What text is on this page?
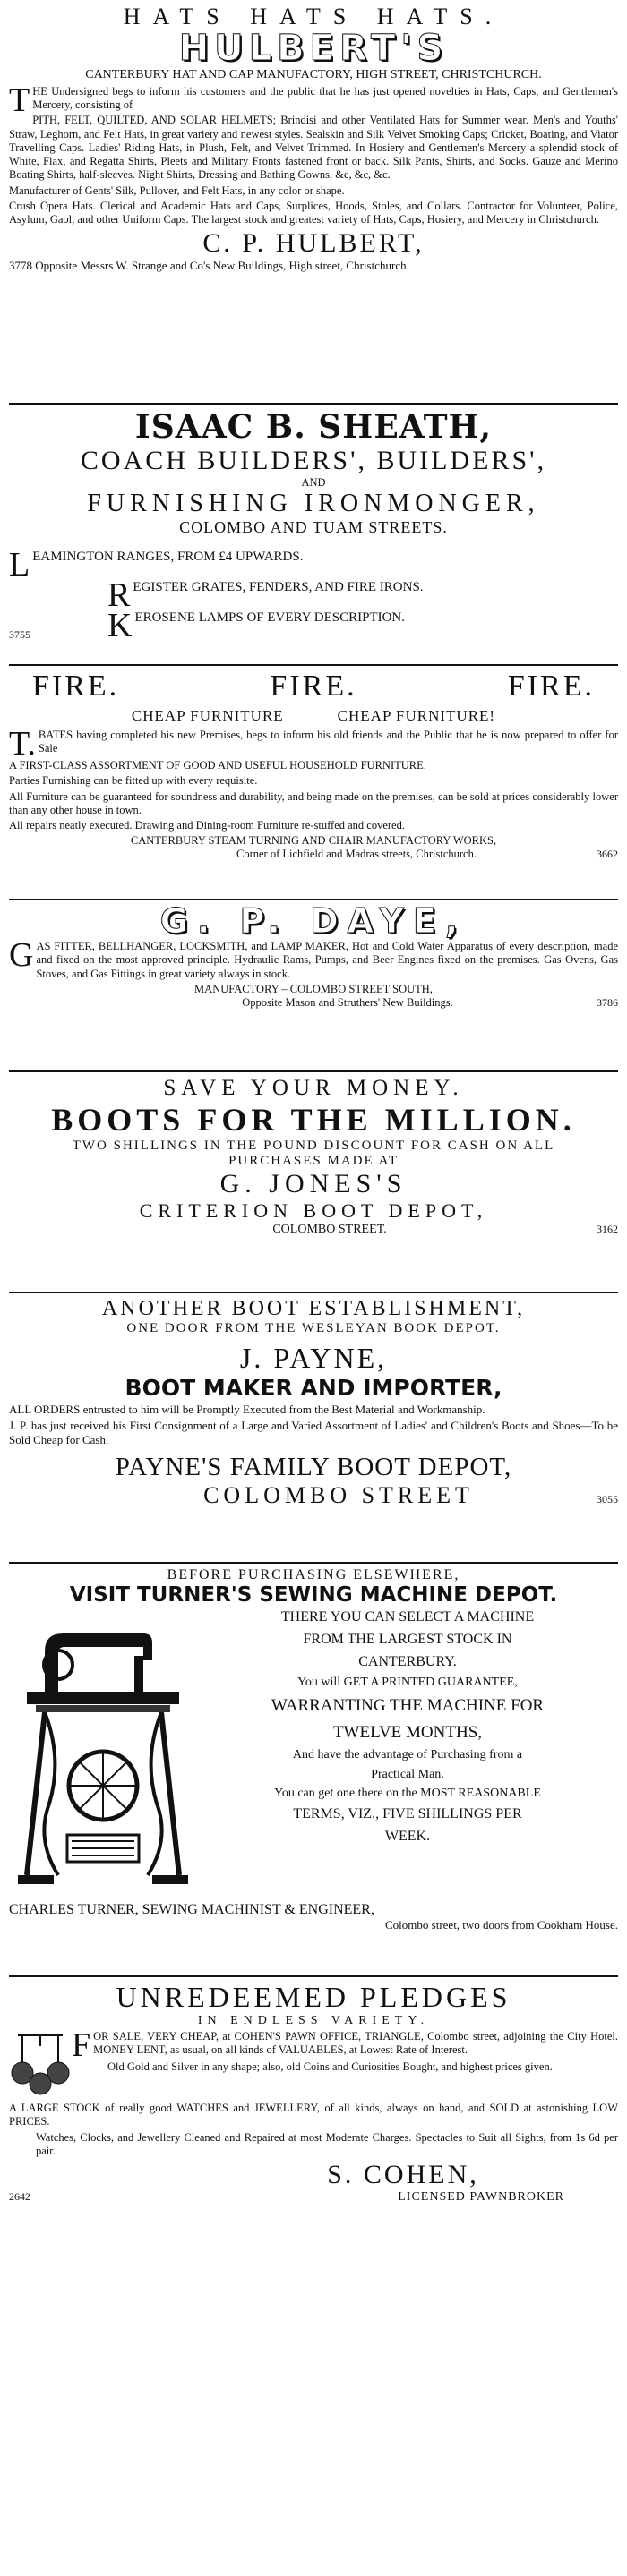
HATS HATS HATS.
HULBERT'S
CANTERBURY HAT AND CAP MANUFACTORY, HIGH STREET, CHRISTCHURCH.

THE Undersigned begs to inform his customers and the public that he has just opened novelties in Hats, Caps, and Gentlemen's Mercery, consisting of

PITH, FELT, QUILTED, AND SOLAR HELMETS; Brindisi and other Ventilated Hats for Summer wear. Men's and Youths' Straw, Leghorn, and Felt Hats, in great variety and newest styles. Sealskin and Silk Velvet Smoking Caps; Cricket, Boating, and Viator Travelling Caps. Ladies' Riding Hats, in Plush, Felt, and Velvet Trimmed. In Hosiery and Gentlemen's Mercery a splendid stock of White, Flax, and Regatta Shirts, Pleets and Military Fronts fastened front or back. Silk Pants, Shirts, and Socks. Gauze and Merino Boating Shirts, half-sleeves. Night Shirts, Dressing and Bathing Gowns, &c, &c, &c.

Manufacturer of Gents' Silk, Pullover, and Felt Hats, in any color or shape.

Crush Opera Hats. Clerical and Academic Hats and Caps, Surplices, Hoods, Stoles, and Collars. Contractor for Volunteer, Police, Asylum, Gaol, and other Uniform Caps. The largest stock and greatest variety of Hats, Caps, Hosiery, and Mercery in Christchurch.

C. P. HULBERT,
3778 Opposite Messrs W. Strange and Co's New Buildings, High street, Christchurch.
ISAAC B. SHEATH,
COACH BUILDERS', BUILDERS',
AND
FURNISHING IRONMONGER,
COLOMBO AND TUAM STREETS.
LEAMINGTON RANGES, FROM £4 UPWARDS.
REGISTER GRATES, FENDERS, AND FIRE IRONS.
3755	KEROSENE LAMPS OF EVERY DESCRIPTION.
FIRE.	FIRE.	FIRE.
CHEAP FURNITURE	CHEAP FURNITURE!

T.BATES having completed his new Premises, begs to inform his old friends and the Public that he is now prepared to offer for Sale

A FIRST-CLASS ASSORTMENT OF GOOD AND USEFUL HOUSEHOLD FURNITURE.

Parties Furnishing can be fitted up with every requisite.

All Furniture can be guaranteed for soundness and durability, and being made on the premises, can be sold at prices considerably lower than any other house in town.

All repairs neatly executed. Drawing and Dining-room Furniture re-stuffed and covered.

CANTERBURY STEAM TURNING AND CHAIR MANUFACTORY WORKS,
Corner of Lichfield and Madras streets, Christchurch.	3662
G. P. DAYE,

GAS FITTER, BELLHANGER, LOCKSMITH, and LAMP MAKER, Hot and Cold Water Apparatus of every description, made and fixed on the most approved principle. Hydraulic Rams, Pumps, and Beer Engines fixed on the premises. Gas Ovens, Gas Stoves, and Gas Fittings in great variety always in stock.

MANUFACTORY – COLOMBO STREET SOUTH,
Opposite Mason and Struthers' New Buildings.	3786
SAVE YOUR MONEY.
BOOTS FOR THE MILLION.
TWO SHILLINGS IN THE POUND DISCOUNT FOR CASH ON ALL PURCHASES MADE AT
G. JONES'S
CRITERION BOOT DEPOT,
COLOMBO STREET.	3162
ANOTHER BOOT ESTABLISHMENT,
ONE DOOR FROM THE WESLEYAN BOOK DEPOT.
J. PAYNE,
BOOT MAKER AND IMPORTER,

ALL ORDERS entrusted to him will be Promptly Executed from the Best Material and Workmanship.

J. P. has just received his First Consignment of a Large and Varied Assortment of Ladies' and Children's Boots and Shoes—To be Sold Cheap for Cash.

PAYNE'S FAMILY BOOT DEPOT,
COLOMBO STREET	3055
BEFORE PURCHASING ELSEWHERE,
VISIT TURNER'S SEWING MACHINE DEPOT.
THERE YOU CAN SELECT A MACHINE
FROM THE LARGEST STOCK IN
CANTERBURY.
You will GET A PRINTED GUARANTEE,
WARRANTING THE MACHINE FOR
TWELVE MONTHS,
And have the advantage of Purchasing from a
Practical Man.
You can get one there on the MOST REASONABLE
TERMS, VIZ., FIVE SHILLINGS PER
WEEK.
CHARLES TURNER, SEWING MACHINIST & ENGINEER,
Colombo street, two doors from Cookham House.
UNREDEEMED PLEDGES
IN ENDLESS VARIETY.

FOR SALE, VERY CHEAP, at COHEN'S PAWN OFFICE, TRIANGLE, Colombo street, adjoining the City Hotel. MONEY LENT, as usual, on all kinds of VALUABLES, at Lowest Rate of Interest.

Old Gold and Silver in any shape; also, old Coins and Curiosities Bought, and highest prices given.

A LARGE STOCK of really good WATCHES and JEWELLERY, of all kinds, always on hand, and SOLD at astonishing LOW PRICES.

Watches, Clocks, and Jewellery Cleaned and Repaired at most Moderate Charges. Spectacles to Suit all Sights, from 1s 6d per pair.

S. COHEN,
2642	LICENSED PAWNBROKER
